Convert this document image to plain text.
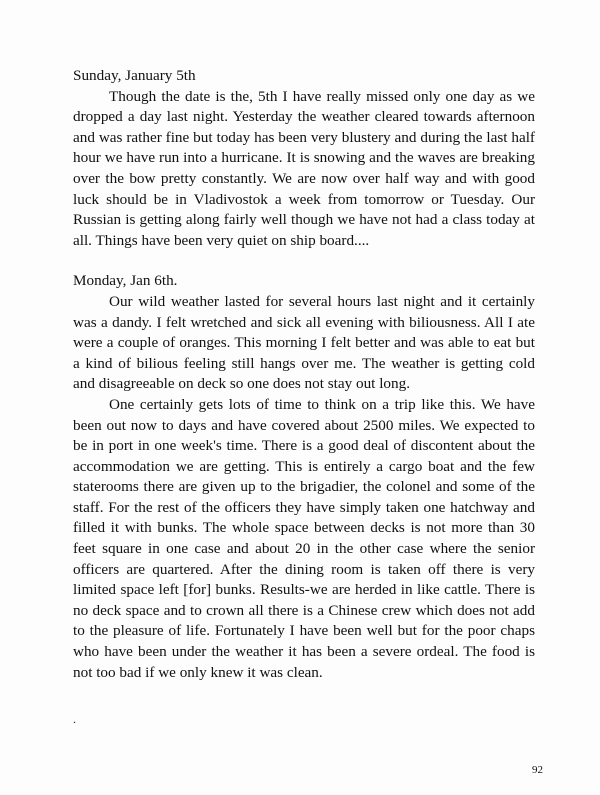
Sunday, January 5th

Though the date is the, 5th I have really missed only one day as we dropped a day last night. Yesterday the weather cleared towards afternoon and was rather fine but today has been very blustery and during the last half hour we have run into a hurricane. It is snowing and the waves are breaking over the bow pretty constantly. We are now over half way and with good luck should be in Vladivostok a week from tomorrow or Tuesday. Our Russian is getting along fairly well though we have not had a class today at all. Things have been very quiet on ship board....

Monday, Jan 6th.

Our wild weather lasted for several hours last night and it certainly was a dandy. I felt wretched and sick all evening with biliousness. All I ate were a couple of oranges. This morning I felt better and was able to eat but a kind of bilious feeling still hangs over me. The weather is getting cold and disagreeable on deck so one does not stay out long.

One certainly gets lots of time to think on a trip like this. We have been out now to days and have covered about 2500 miles. We expected to be in port in one week's time. There is a good deal of discontent about the accommodation we are getting. This is entirely a cargo boat and the few staterooms there are given up to the brigadier, the colonel and some of the staff. For the rest of the officers they have simply taken one hatchway and filled it with bunks. The whole space between decks is not more than 30 feet square in one case and about 20 in the other case where the senior officers are quartered. After the dining room is taken off there is very limited space left [for] bunks. Results-we are herded in like cattle. There is no deck space and to crown all there is a Chinese crew which does not add to the pleasure of life. Fortunately I have been well but for the poor chaps who have been under the weather it has been a severe ordeal. The food is not too bad if we only knew it was clean.

.
92
